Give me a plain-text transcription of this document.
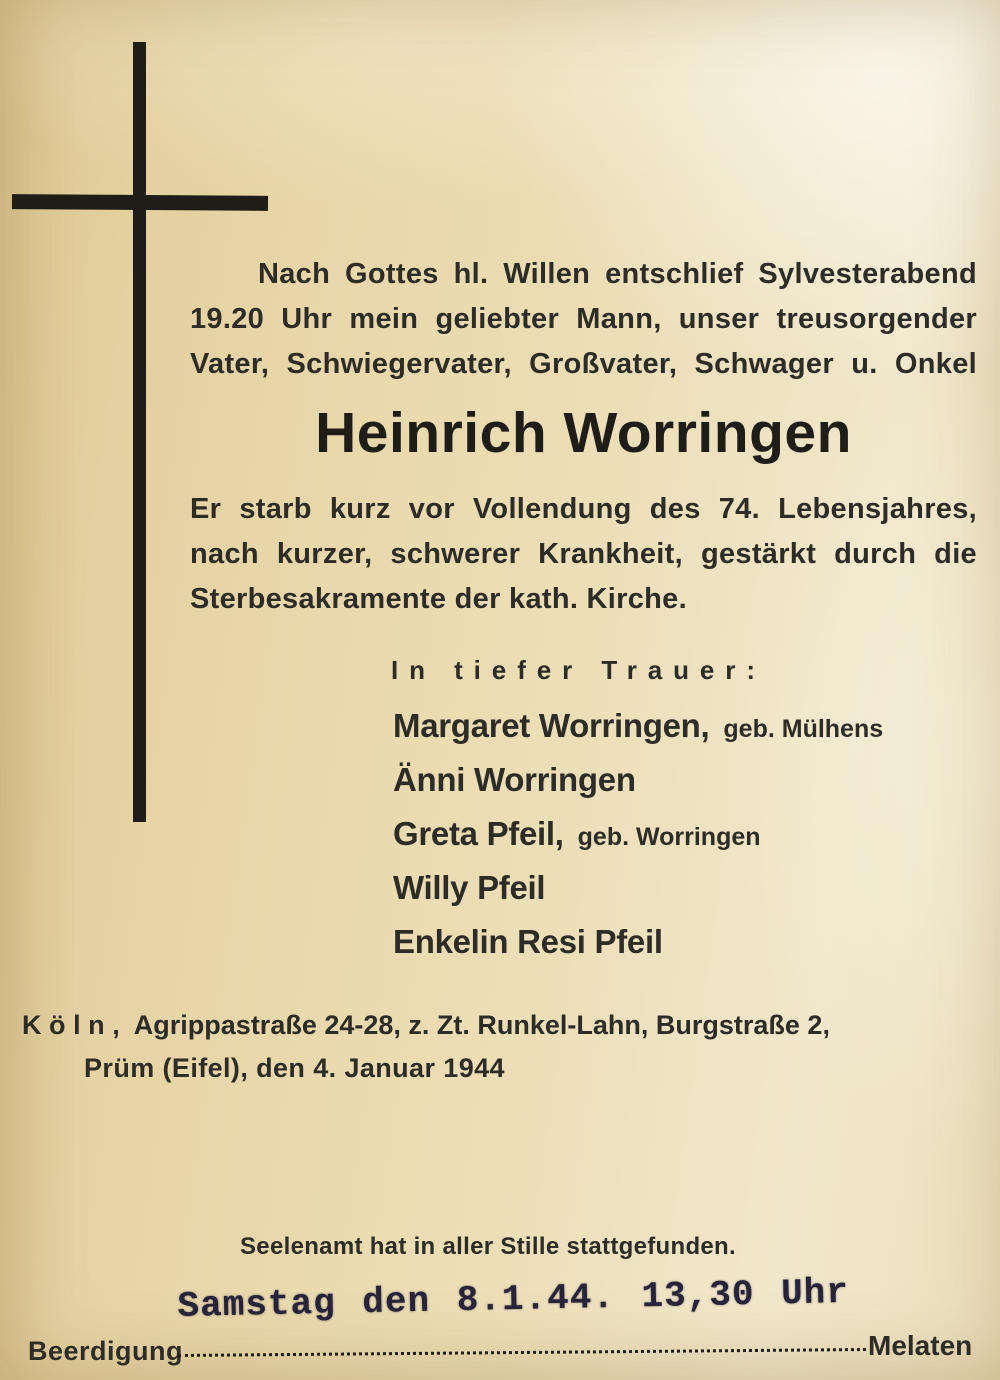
Nach Gottes hl. Willen entschlief Sylvesterabend
19.20 Uhr mein geliebter Mann, unser treusorgender
Vater, Schwiegervater, Großvater, Schwager u. Onkel
Heinrich Worringen
Er starb kurz vor Vollendung des 74. Lebensjahres,
nach kurzer, schwerer Krankheit, gestärkt durch die
Sterbesakramente der kath. Kirche.
In tiefer Trauer:
Margaret Worringen, geb. Mülhens
Änni Worringen
Greta Pfeil, geb. Worringen
Willy Pfeil
Enkelin Resi Pfeil
Köln, Agrippastraße 24-28, z. Zt. Runkel-Lahn, Burgstraße 2,
Prüm (Eifel), den 4. Januar 1944
Seelenamt hat in aller Stille stattgefunden.
Beerdigung
Samstag den 8.1.44. 13,30 Uhr
Melaten
